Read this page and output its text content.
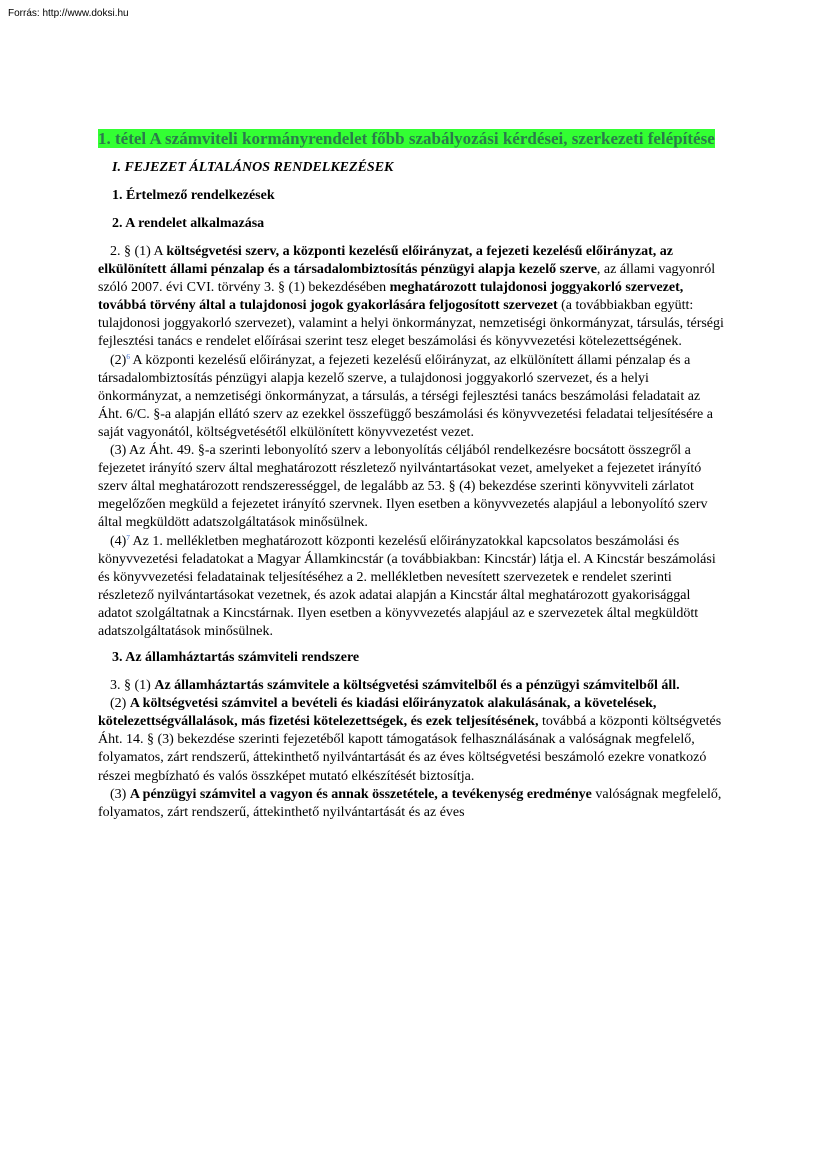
Forrás: http://www.doksi.hu
1. tétel A számviteli kormányrendelet főbb szabályozási kérdései, szerkezeti felépítése
I. FEJEZET ÁLTALÁNOS RENDELKEZÉSEK
1. Értelmező rendelkezések
2. A rendelet alkalmazása

2. § (1) A költségvetési szerv, a központi kezelésű előirányzat, a fejezeti kezelésű előirányzat, az elkülönített állami pénzalap és a társadalombiztosítás pénzügyi alapja kezelő szerve, az állami vagyonról szóló 2007. évi CVI. törvény 3. § (1) bekezdésében meghatározott tulajdonosi joggyakorló szervezet, továbbá törvény által a tulajdonosi jogok gyakorlására feljogosított szervezet (a továbbiakban együtt: tulajdonosi joggyakorló szervezet), valamint a helyi önkormányzat, nemzetiségi önkormányzat, társulás, térségi fejlesztési tanács e rendelet előírásai szerint tesz eleget beszámolási és könyvvezetési kötelezettségének.

$(2)^6$ A központi kezelésű előirányzat, a fejezeti kezelésű előirányzat, az elkülönített állami pénzalap és a társadalombiztosítás pénzügyi alapja kezelő szerve, a tulajdonosi joggyakorló szervezet, és a helyi önkormányzat, a nemzetiségi önkormányzat, a társulás, a térségi fejlesztési tanács beszámolási feladatait az Áht. 6/C. §-a alapján ellátó szerv az ezekkel összefüggő beszámolási és könyvvezetési feladatai teljesítésére a saját vagyonától, költségvetésétől elkülönített könyvvezetést vezet.

(3) Az Áht. 49. §-a szerinti lebonyolító szerv a lebonyolítás céljából rendelkezésre bocsátott összegről a fejezetet irányító szerv által meghatározott részletező nyilvántartásokat vezet, amelyeket a fejezetet irányító szerv által meghatározott rendszerességgel, de legalább az 53. § (4) bekezdése szerinti könyvviteli zárlatot megelőzően megküld a fejezetet irányító szervnek. Ilyen esetben a könyvvezetés alapjául a lebonyolító szerv által megküldött adatszolgáltatások minősülnek.

$(4)^7$ Az 1. mellékletben meghatározott központi kezelésű előirányzatokkal kapcsolatos beszámolási és könyvvezetési feladatokat a Magyar Államkincstár (a továbbiakban: Kincstár) látja el. A Kincstár beszámolási és könyvvezetési feladatainak teljesítéséhez a 2. mellékletben nevesített szervezetek e rendelet szerinti részletező nyilvántartásokat vezetnek, és azok adatai alapján a Kincstár által meghatározott gyakorisággal adatot szolgáltatnak a Kincstárnak. Ilyen esetben a könyvvezetés alapjául az e szervezetek által megküldött adatszolgáltatások minősülnek.

3. Az államháztartás számviteli rendszere

3. § (1) Az államháztartás számvitele a költségvetési számvitelből és a pénzügyi számvitelből áll.

(2) A költségvetési számvitel a bevételi és kiadási előirányzatok alakulásának, a követelések, kötelezettségvállalások, más fizetési kötelezettségek, és ezek teljesítésének, továbbá a központi költségvetés Áht. 14. § (3) bekezdése szerinti fejezetéből kapott támogatások felhasználásának a valóságnak megfelelő, folyamatos, zárt rendszerű, áttekinthető nyilvántartását és az éves költségvetési beszámoló ezekre vonatkozó részei megbízható és valós összképet mutató elkészítését biztosítja.

(3) A pénzügyi számvitel a vagyon és annak összetétele, a tevékenység eredménye valóságnak megfelelő, folyamatos, zárt rendszerű, áttekinthető nyilvántartását és az éves
